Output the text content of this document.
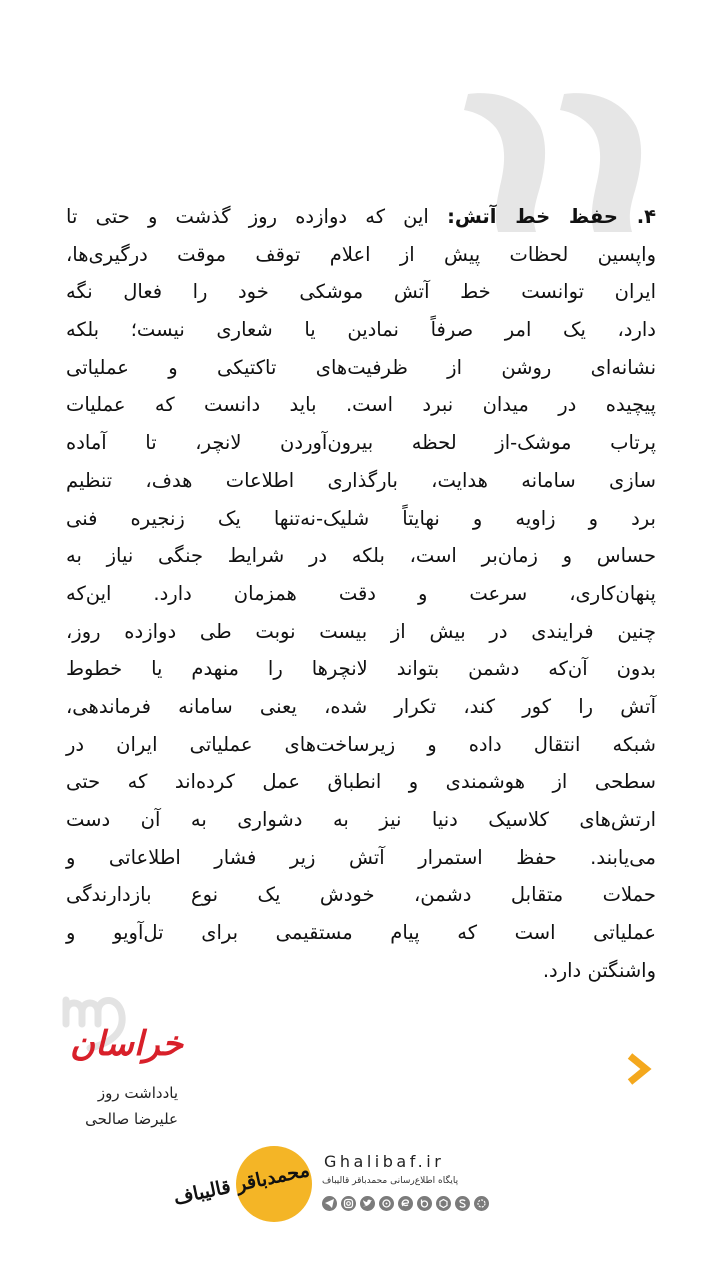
۴. حفظ خط آتش: این که دوازده روز گذشت و حتی تا
واپسین لحظات پیش از اعلام توقف موقت درگیری‌ها،
ایران توانست خط آتش موشکی خود را فعال نگه
دارد، یک امر صرفاً نمادین یا شعاری نیست؛ بلکه
نشانه‌ای روشن از ظرفیت‌های تاکتیکی و عملیاتی
پیچیده در میدان نبرد است. باید دانست که عملیات
پرتاب موشک-از لحظه بیرون‌آوردن لانچر، تا آماده
سازی سامانه هدایت، بارگذاری اطلاعات هدف، تنظیم
برد و زاویه و نهایتاً شلیک-نه‌تنها یک زنجیره فنی
حساس و زمان‌بر است، بلکه در شرایط جنگی نیاز به
پنهان‌کاری، سرعت و دقت همزمان دارد. این‌که
چنین فرایندی در بیش از بیست نوبت طی دوازده روز،
بدون آن‌که دشمن بتواند لانچرها را منهدم یا خطوط
آتش را کور کند، تکرار شده، یعنی سامانه فرماندهی،
شبکه انتقال داده و زیرساخت‌های عملیاتی ایران در
سطحی از هوشمندی و انطباق عمل کرده‌اند که حتی
ارتش‌های کلاسیک دنیا نیز به دشواری به آن دست
می‌یابند. حفظ استمرار آتش زیر فشار اطلاعاتی و
حملات متقابل دشمن، خودش یک نوع بازدارندگی
عملیاتی است که پیام مستقیمی برای تل‌آویو و
واشنگتن دارد.
خراسان
یادداشت روز
علیرضا صالحی
محمدباقر قالیباف Ghalibaf.ir
پایگاه اطلاع‌رسانی محمدباقر قالیباف
